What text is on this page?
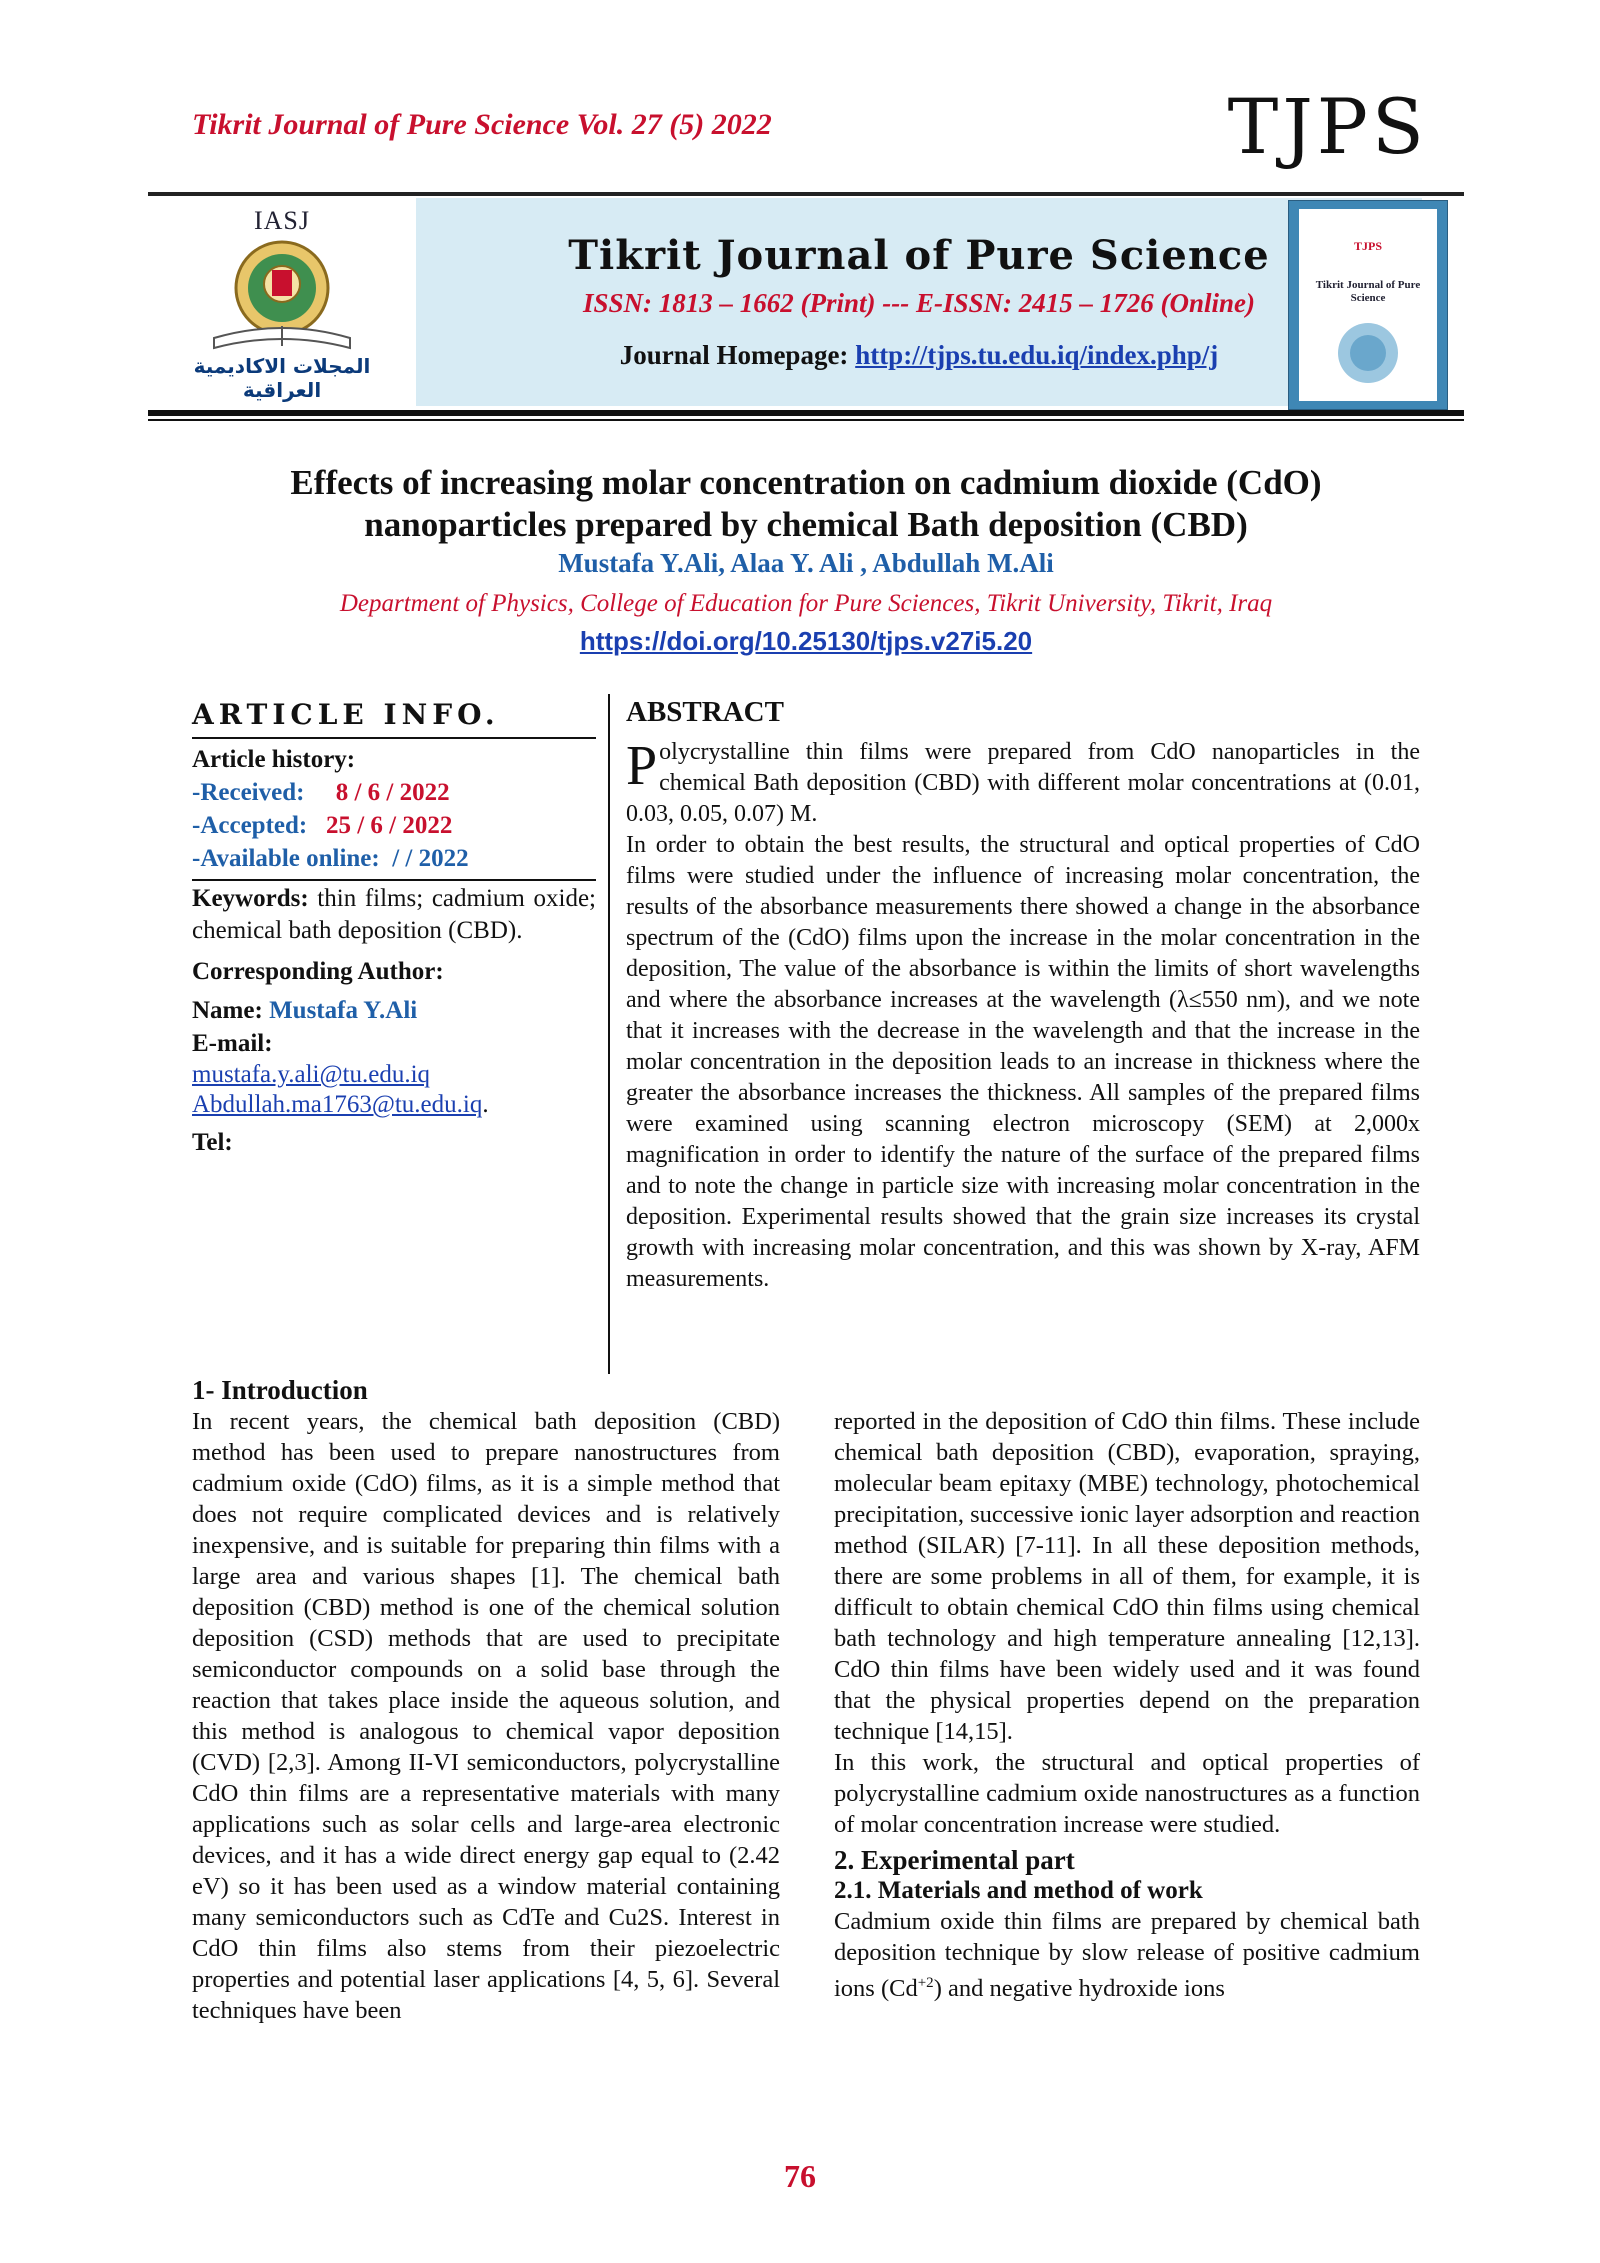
Tikrit Journal of Pure Science Vol. 27 (5) 2022	TJPS
IASJ
المجلات الاكاديمية العراقية
Tikrit Journal of Pure Science
ISSN: 1813 – 1662 (Print) --- E-ISSN: 2415 – 1726 (Online)
Journal Homepage: http://tjps.tu.edu.iq/index.php/j
TJPS
Tikrit Journal of Pure Science
Effects of increasing molar concentration on cadmium dioxide (CdO)
nanoparticles prepared by chemical Bath deposition (CBD)
Mustafa Y.Ali, Alaa Y. Ali , Abdullah M.Ali
Department of Physics, College of Education for Pure Sciences, Tikrit University, Tikrit, Iraq
https://doi.org/10.25130/tjps.v27i5.20
ARTICLE INFO.
Article history:
-Received: 8 / 6 / 2022
-Accepted: 25 / 6 / 2022
-Available online:  / / 2022
Keywords: thin films; cadmium oxide; chemical bath deposition (CBD).
Corresponding Author:
Name: Mustafa Y.Ali
E-mail:
mustafa.y.ali@tu.edu.iq
Abdullah.ma1763@tu.edu.iq.
Tel:
ABSTRACT

Polycrystalline thin films were prepared from CdO nanoparticles in the chemical Bath deposition (CBD) with different molar concentrations at (0.01, 0.03, 0.05, 0.07) M.

In order to obtain the best results, the structural and optical properties of CdO films were studied under the influence of increasing molar concentration, the results of the absorbance measurements there showed a change in the absorbance spectrum of the (CdO) films upon the increase in the molar concentration in the deposition, The value of the absorbance is within the limits of short wavelengths and where the absorbance increases at the wavelength (λ≤550 nm), and we note that it increases with the decrease in the wavelength and that the increase in the molar concentration in the deposition leads to an increase in thickness where the greater the absorbance increases the thickness. All samples of the prepared films were examined using scanning electron microscopy (SEM) at 2,000x magnification in order to identify the nature of the surface of the prepared films and to note the change in particle size with increasing molar concentration in the deposition. Experimental results showed that the grain size increases its crystal growth with increasing molar concentration, and this was shown by X-ray, AFM measurements.

1- Introduction

In recent years, the chemical bath deposition (CBD) method has been used to prepare nanostructures from cadmium oxide (CdO) films, as it is a simple method that does not require complicated devices and is relatively inexpensive, and is suitable for preparing thin films with a large area and various shapes [1]. The chemical bath deposition (CBD) method is one of the chemical solution deposition (CSD) methods that are used to precipitate semiconductor compounds on a solid base through the reaction that takes place inside the aqueous solution, and this method is analogous to chemical vapor deposition (CVD) [2,3]. Among II-VI semiconductors, polycrystalline CdO thin films are a representative materials with many applications such as solar cells and large-area electronic devices, and it has a wide direct energy gap equal to (2.42 eV) so it has been used as a window material containing many semiconductors such as CdTe and Cu2S. Interest in CdO thin films also stems from their piezoelectric properties and potential laser applications [4, 5, 6]. Several techniques have been

reported in the deposition of CdO thin films. These include chemical bath deposition (CBD), evaporation, spraying, molecular beam epitaxy (MBE) technology, photochemical precipitation, successive ionic layer adsorption and reaction method (SILAR) [7-11]. In all these deposition methods, there are some problems in all of them, for example, it is difficult to obtain chemical CdO thin films using chemical bath technology and high temperature annealing [12,13]. CdO thin films have been widely used and it was found that the physical properties depend on the preparation technique [14,15].

In this work, the structural and optical properties of polycrystalline cadmium oxide nanostructures as a function of molar concentration increase were studied.

2. Experimental part
2.1. Materials and method of work

Cadmium oxide thin films are prepared by chemical bath deposition technique by slow release of positive cadmium ions $(Cd^{+2})$ and negative hydroxide ions

76
